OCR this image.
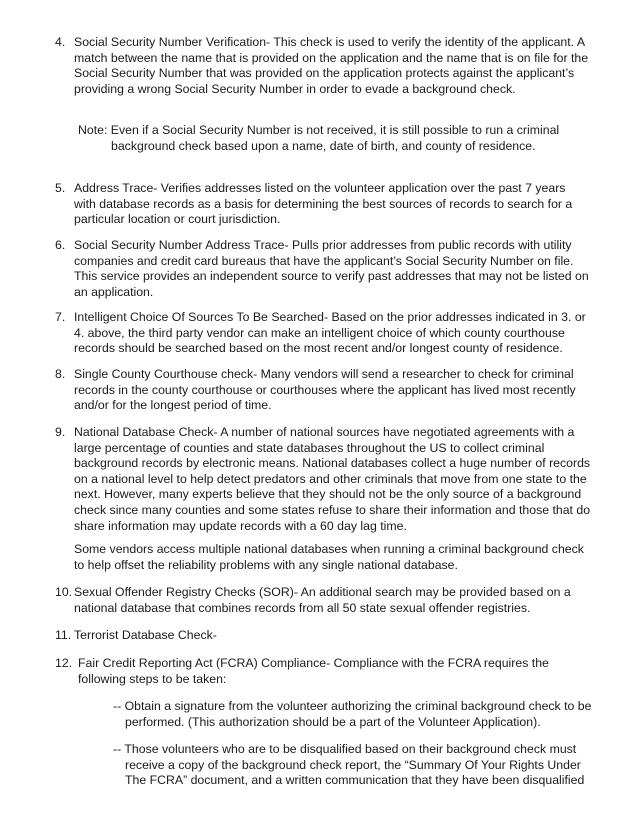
4. Social Security Number Verification- This check is used to verify the identity of the applicant. A
match between the name that is provided on the application and the name that is on file for the
Social Security Number that was provided on the application protects against the applicant’s
providing a wrong Social Security Number in order to evade a background check.
Note: Even if a Social Security Number is not received, it is still possible to run a criminal
background check based upon a name, date of birth, and county of residence.
5. Address Trace- Verifies addresses listed on the volunteer application over the past 7 years
with database records as a basis for determining the best sources of records to search for a
particular location or court jurisdiction.
6. Social Security Number Address Trace- Pulls prior addresses from public records with utility
companies and credit card bureaus that have the applicant’s Social Security Number on file.
This service provides an independent source to verify past addresses that may not be listed on
an application.
7. Intelligent Choice Of Sources To Be Searched- Based on the prior addresses indicated in 3. or
4. above, the third party vendor can make an intelligent choice of which county courthouse
records should be searched based on the most recent and/or longest county of residence.
8. Single County Courthouse check- Many vendors will send a researcher to check for criminal
records in the county courthouse or courthouses where the applicant has lived most recently
and/or for the longest period of time.
9. National Database Check- A number of national sources have negotiated agreements with a
large percentage of counties and state databases throughout the US to collect criminal
background records by electronic means. National databases collect a huge number of records
on a national level to help detect predators and other criminals that move from one state to the
next. However, many experts believe that they should not be the only source of a background
check since many counties and some states refuse to share their information and those that do
share information may update records with a 60 day lag time.
Some vendors access multiple national databases when running a criminal background check
to help offset the reliability problems with any single national database.
10. Sexual Offender Registry Checks (SOR)- An additional search may be provided based on a
national database that combines records from all 50 state sexual offender registries.
11. Terrorist Database Check-
12. Fair Credit Reporting Act (FCRA) Compliance- Compliance with the FCRA requires the
following steps to be taken:
-- Obtain a signature from the volunteer authorizing the criminal background check to be
performed. (This authorization should be a part of the Volunteer Application).
-- Those volunteers who are to be disqualified based on their background check must
receive a copy of the background check report, the “Summary Of Your Rights Under
The FCRA” document, and a written communication that they have been disqualified
